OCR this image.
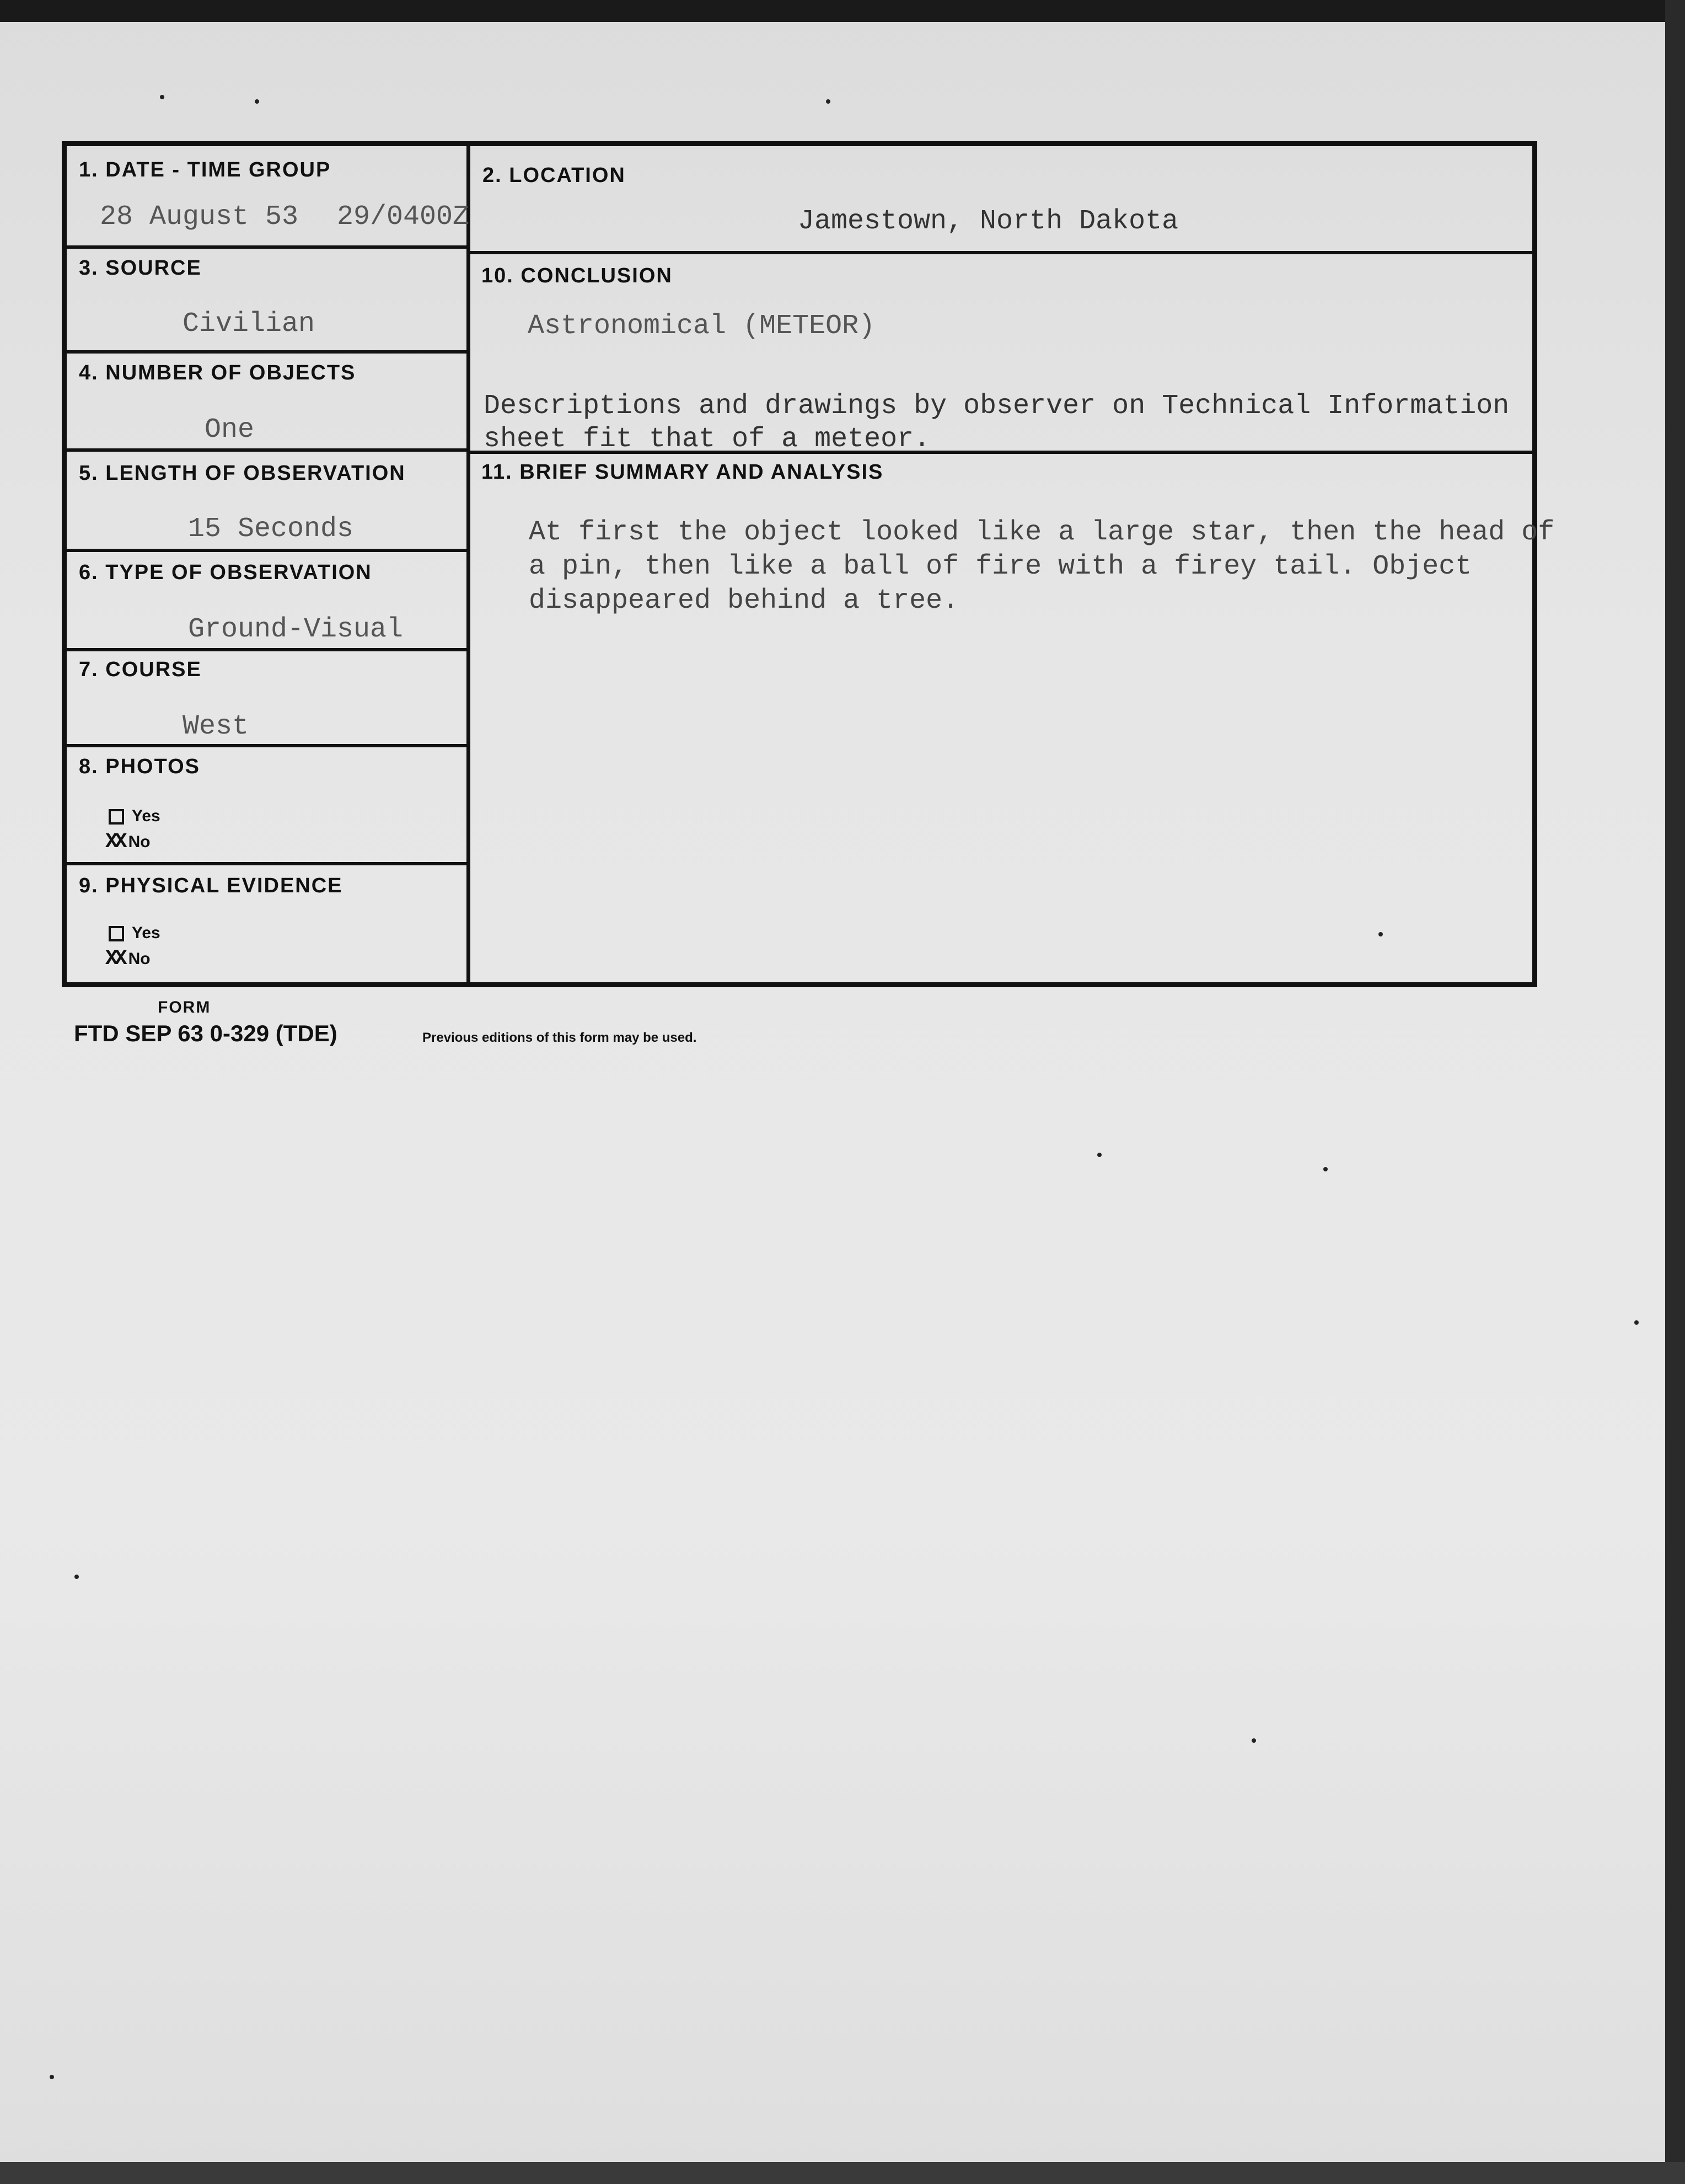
1. DATE - TIME GROUP
28 August 53 29/0400Z
2. LOCATION
Jamestown, North Dakota
3. SOURCE
Civilian
4. NUMBER OF OBJECTS
One
5. LENGTH OF OBSERVATION
15 Seconds
6. TYPE OF OBSERVATION
Ground-Visual
7. COURSE
West
8. PHOTOS
Yes
XX No
9. PHYSICAL EVIDENCE
Yes
XX No
10. CONCLUSION
Astronomical (METEOR)
Descriptions and drawings by observer on Technical Information sheet fit that of a meteor.
11. BRIEF SUMMARY AND ANALYSIS
At first the object looked like a large star, then the head of a pin, then like a ball of fire with a firey tail. Object disappeared behind a tree.
FORM
FTD SEP 63 0-329 (TDE)	Previous editions of this form may be used.
